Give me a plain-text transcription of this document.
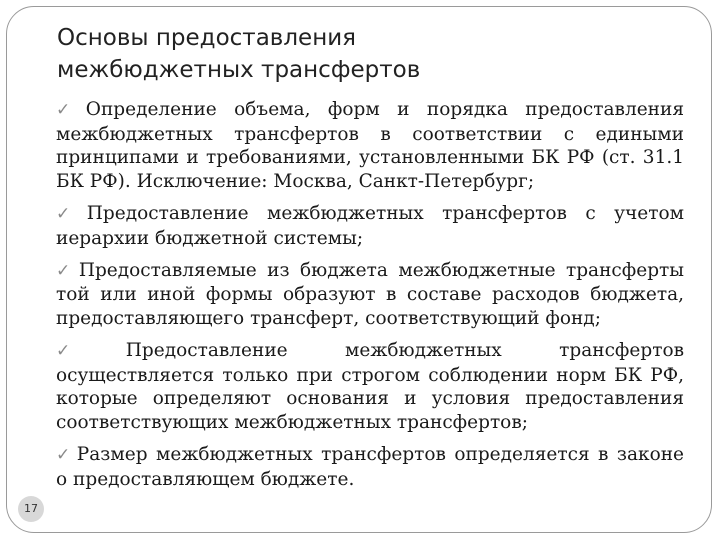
Основы предоставления
межбюджетных трансфертов
✓ Определение объема, форм и порядка предоставления межбюджетных трансфертов в соответствии с едиными принципами и требованиями, установленными БК РФ (ст. 31.1 БК РФ). Исключение: Москва, Санкт-Петербург;
✓ Предоставление межбюджетных трансфертов с учетом иерархии бюджетной системы;
✓ Предоставляемые из бюджета межбюджетные трансферты той или иной формы образуют в составе расходов бюджета, предоставляющего трансферт, соответствующий фонд;
✓ Предоставление межбюджетных трансфертов осуществляется только при строгом соблюдении норм БК РФ, которые определяют основания и условия предоставления соответствующих межбюджетных трансфертов;
✓ Размер межбюджетных трансфертов определяется в законе о предоставляющем бюджете.
17
